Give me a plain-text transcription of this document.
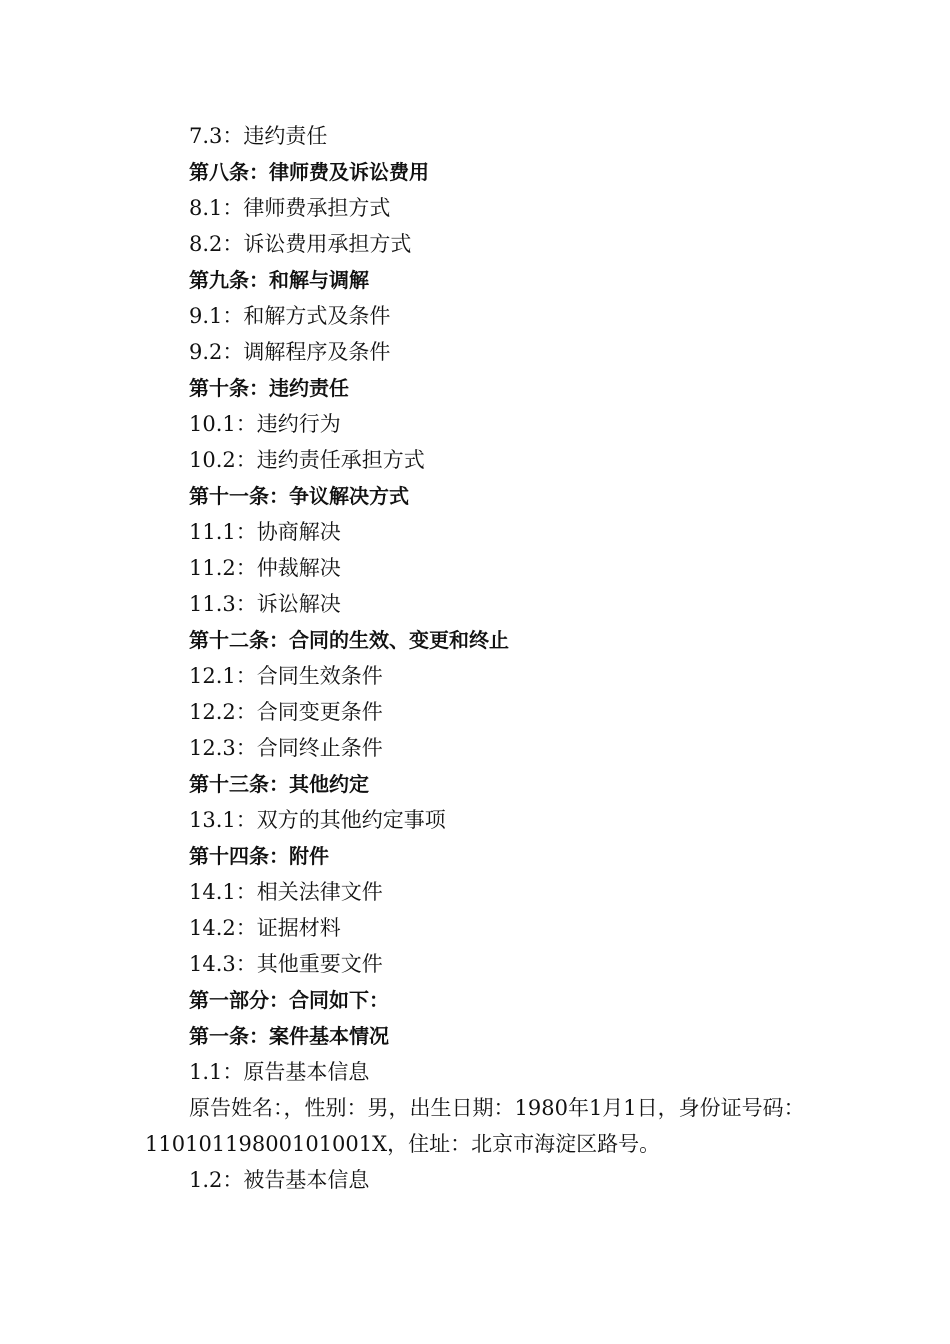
7.3：违约责任
第八条：律师费及诉讼费用
8.1：律师费承担方式
8.2：诉讼费用承担方式
第九条：和解与调解
9.1：和解方式及条件
9.2：调解程序及条件
第十条：违约责任
10.1：违约行为
10.2：违约责任承担方式
第十一条：争议解决方式
11.1：协商解决
11.2：仲裁解决
11.3：诉讼解决
第十二条：合同的生效、变更和终止
12.1：合同生效条件
12.2：合同变更条件
12.3：合同终止条件
第十三条：其他约定
13.1：双方的其他约定事项
第十四条：附件
14.1：相关法律文件
14.2：证据材料
14.3：其他重要文件
第一部分：合同如下：
第一条：案件基本情况
1.1：原告基本信息

原告姓名：，性别：男，出生日期：1980年1月1日，身份证号码：11010119800101001X，住址：北京市海淀区路号。

1.2：被告基本信息
